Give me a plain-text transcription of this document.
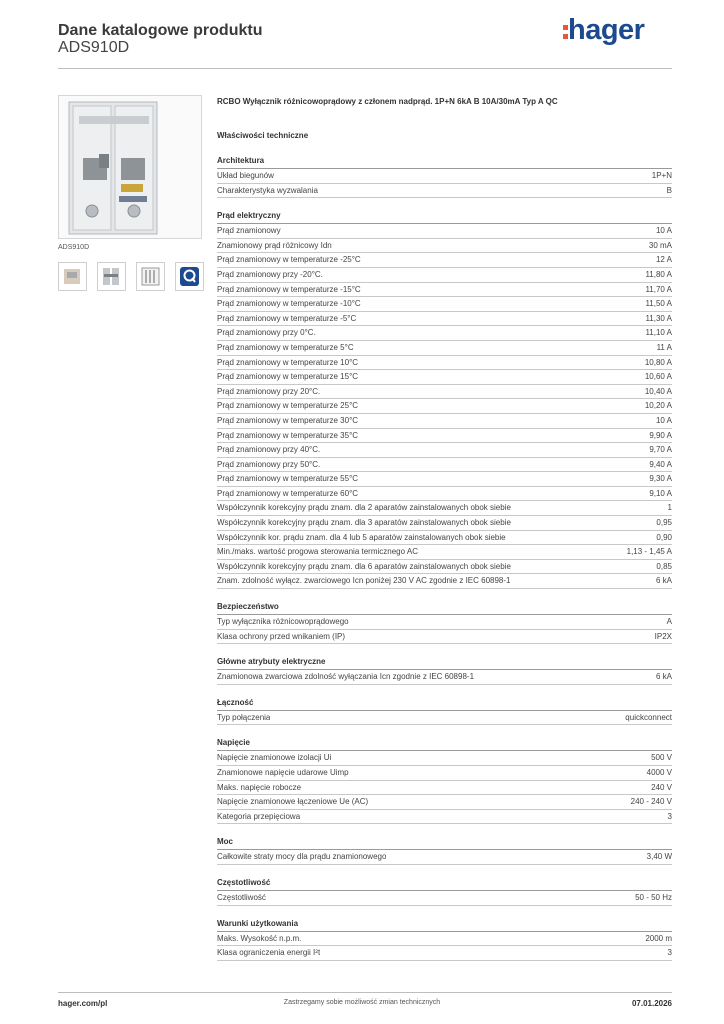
Dane katalogowe produktu
ADS910D
hager
ADS910D
RCBO Wyłącznik różnicowoprądowy z członem nadprąd. 1P+N 6kA B 10A/30mA Typ A QC
Właściwości techniczne
Architektura
Układ biegunów	1P+N
Charakterystyka wyzwalania	B
Prąd elektryczny
Prąd znamionowy	10 A
Znamionowy prąd różnicowy Idn	30 mA
Prąd znamionowy w temperaturze -25°C	12 A
Prąd znamionowy przy -20°C.	11,80 A
Prąd znamionowy w temperaturze -15°C	11,70 A
Prąd znamionowy w temperaturze -10°C	11,50 A
Prąd znamionowy w temperaturze -5°C	11,30 A
Prąd znamionowy przy 0°C.	11,10 A
Prąd znamionowy w temperaturze 5°C	11 A
Prąd znamionowy w temperaturze 10°C	10,80 A
Prąd znamionowy w temperaturze 15°C	10,60 A
Prąd znamionowy przy 20°C.	10,40 A
Prąd znamionowy w temperaturze 25°C	10,20 A
Prąd znamionowy w temperaturze 30°C	10 A
Prąd znamionowy w temperaturze 35°C	9,90 A
Prąd znamionowy przy 40°C.	9,70 A
Prąd znamionowy przy 50°C.	9,40 A
Prąd znamionowy w temperaturze 55°C	9,30 A
Prąd znamionowy w temperaturze 60°C	9,10 A
Współczynnik korekcyjny prądu znam. dla 2 aparatów zainstalowanych obok siebie	1
Współczynnik korekcyjny prądu znam. dla 3 aparatów zainstalowanych obok siebie	0,95
Współczynnik kor. prądu znam. dla 4 lub 5 aparatów zainstalowanych obok siebie	0,90
Min./maks. wartość progowa sterowania termicznego AC	1,13 - 1,45 A
Współczynnik korekcyjny prądu znam. dla 6 aparatów zainstalowanych obok siebie	0,85
Znam. zdolność wyłącz. zwarciowego Icn poniżej 230 V AC zgodnie z IEC 60898-1	6 kA
Bezpieczeństwo
Typ wyłącznika różnicowoprądowego	A
Klasa ochrony przed wnikaniem (IP)	IP2X
Główne atrybuty elektryczne
Znamionowa zwarciowa zdolność wyłączania Icn zgodnie z IEC 60898-1	6 kA
Łączność
Typ połączenia	quickconnect
Napięcie
Napięcie znamionowe izolacji Ui	500 V
Znamionowe napięcie udarowe Uimp	4000 V
Maks. napięcie robocze	240 V
Napięcie znamionowe łączeniowe Ue (AC)	240 - 240 V
Kategoria przepięciowa	3
Moc
Całkowite straty mocy dla prądu znamionowego	3,40 W
Częstotliwość
Częstotliwość	50 - 50 Hz
Warunki użytkowania
Maks. Wysokość n.p.m.	2000 m
Klasa ograniczenia energii I²t	3
hager.com/pl	Zastrzegamy sobie możliwość zmian technicznych	07.01.2026
